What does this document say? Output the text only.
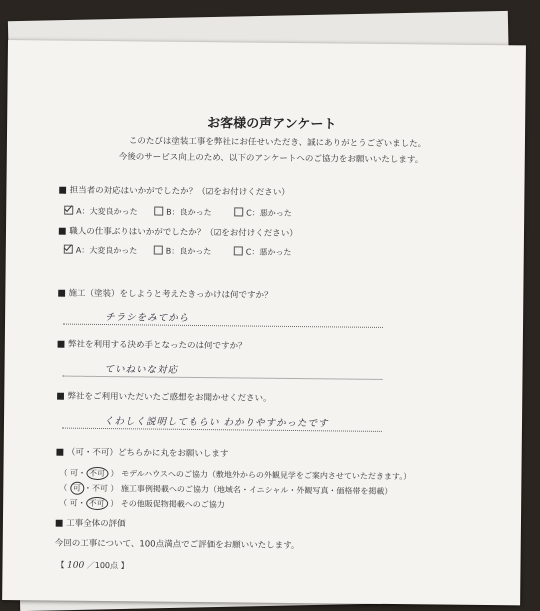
お客様の声アンケート
このたびは塗装工事を弊社にお任せいただき、誠にありがとうございました。
今後のサービス向上のため、以下のアンケートへのご協力をお願いいたします。
■ 担当者の対応はいかがでしたか？（☑をお付けください）
A：大変良かった	B：良かった	C：悪かった
■ 職人の仕事ぶりはいかがでしたか？（☑をお付けください）
A：大変良かった	B：良かった	C：悪かった
■ 施工（塗装）をしようと考えたきっかけは何ですか？
チラシをみてから
■ 弊社を利用する決め手となったのは何ですか？
ていねいな対応
■ 弊社をご利用いただいたご感想をお聞かせください。
くわしく説明してもらい わかりやすかったです
■ （可・不可）どちらかに丸をお願いします
（ 可・ 不可 ） モデルハウスへのご協力（敷地外からの外観見学をご案内させていただきます。）
（ 可 ・不可 ） 施工事例掲載へのご協力（地域名・イニシャル・外観写真・価格帯を掲載）
（ 可・ 不可 ） その他販促物掲載へのご協力
■ 工事全体の評価
今回の工事について、100点満点でご評価をお願いいたします。
【 100 ／100点 】
